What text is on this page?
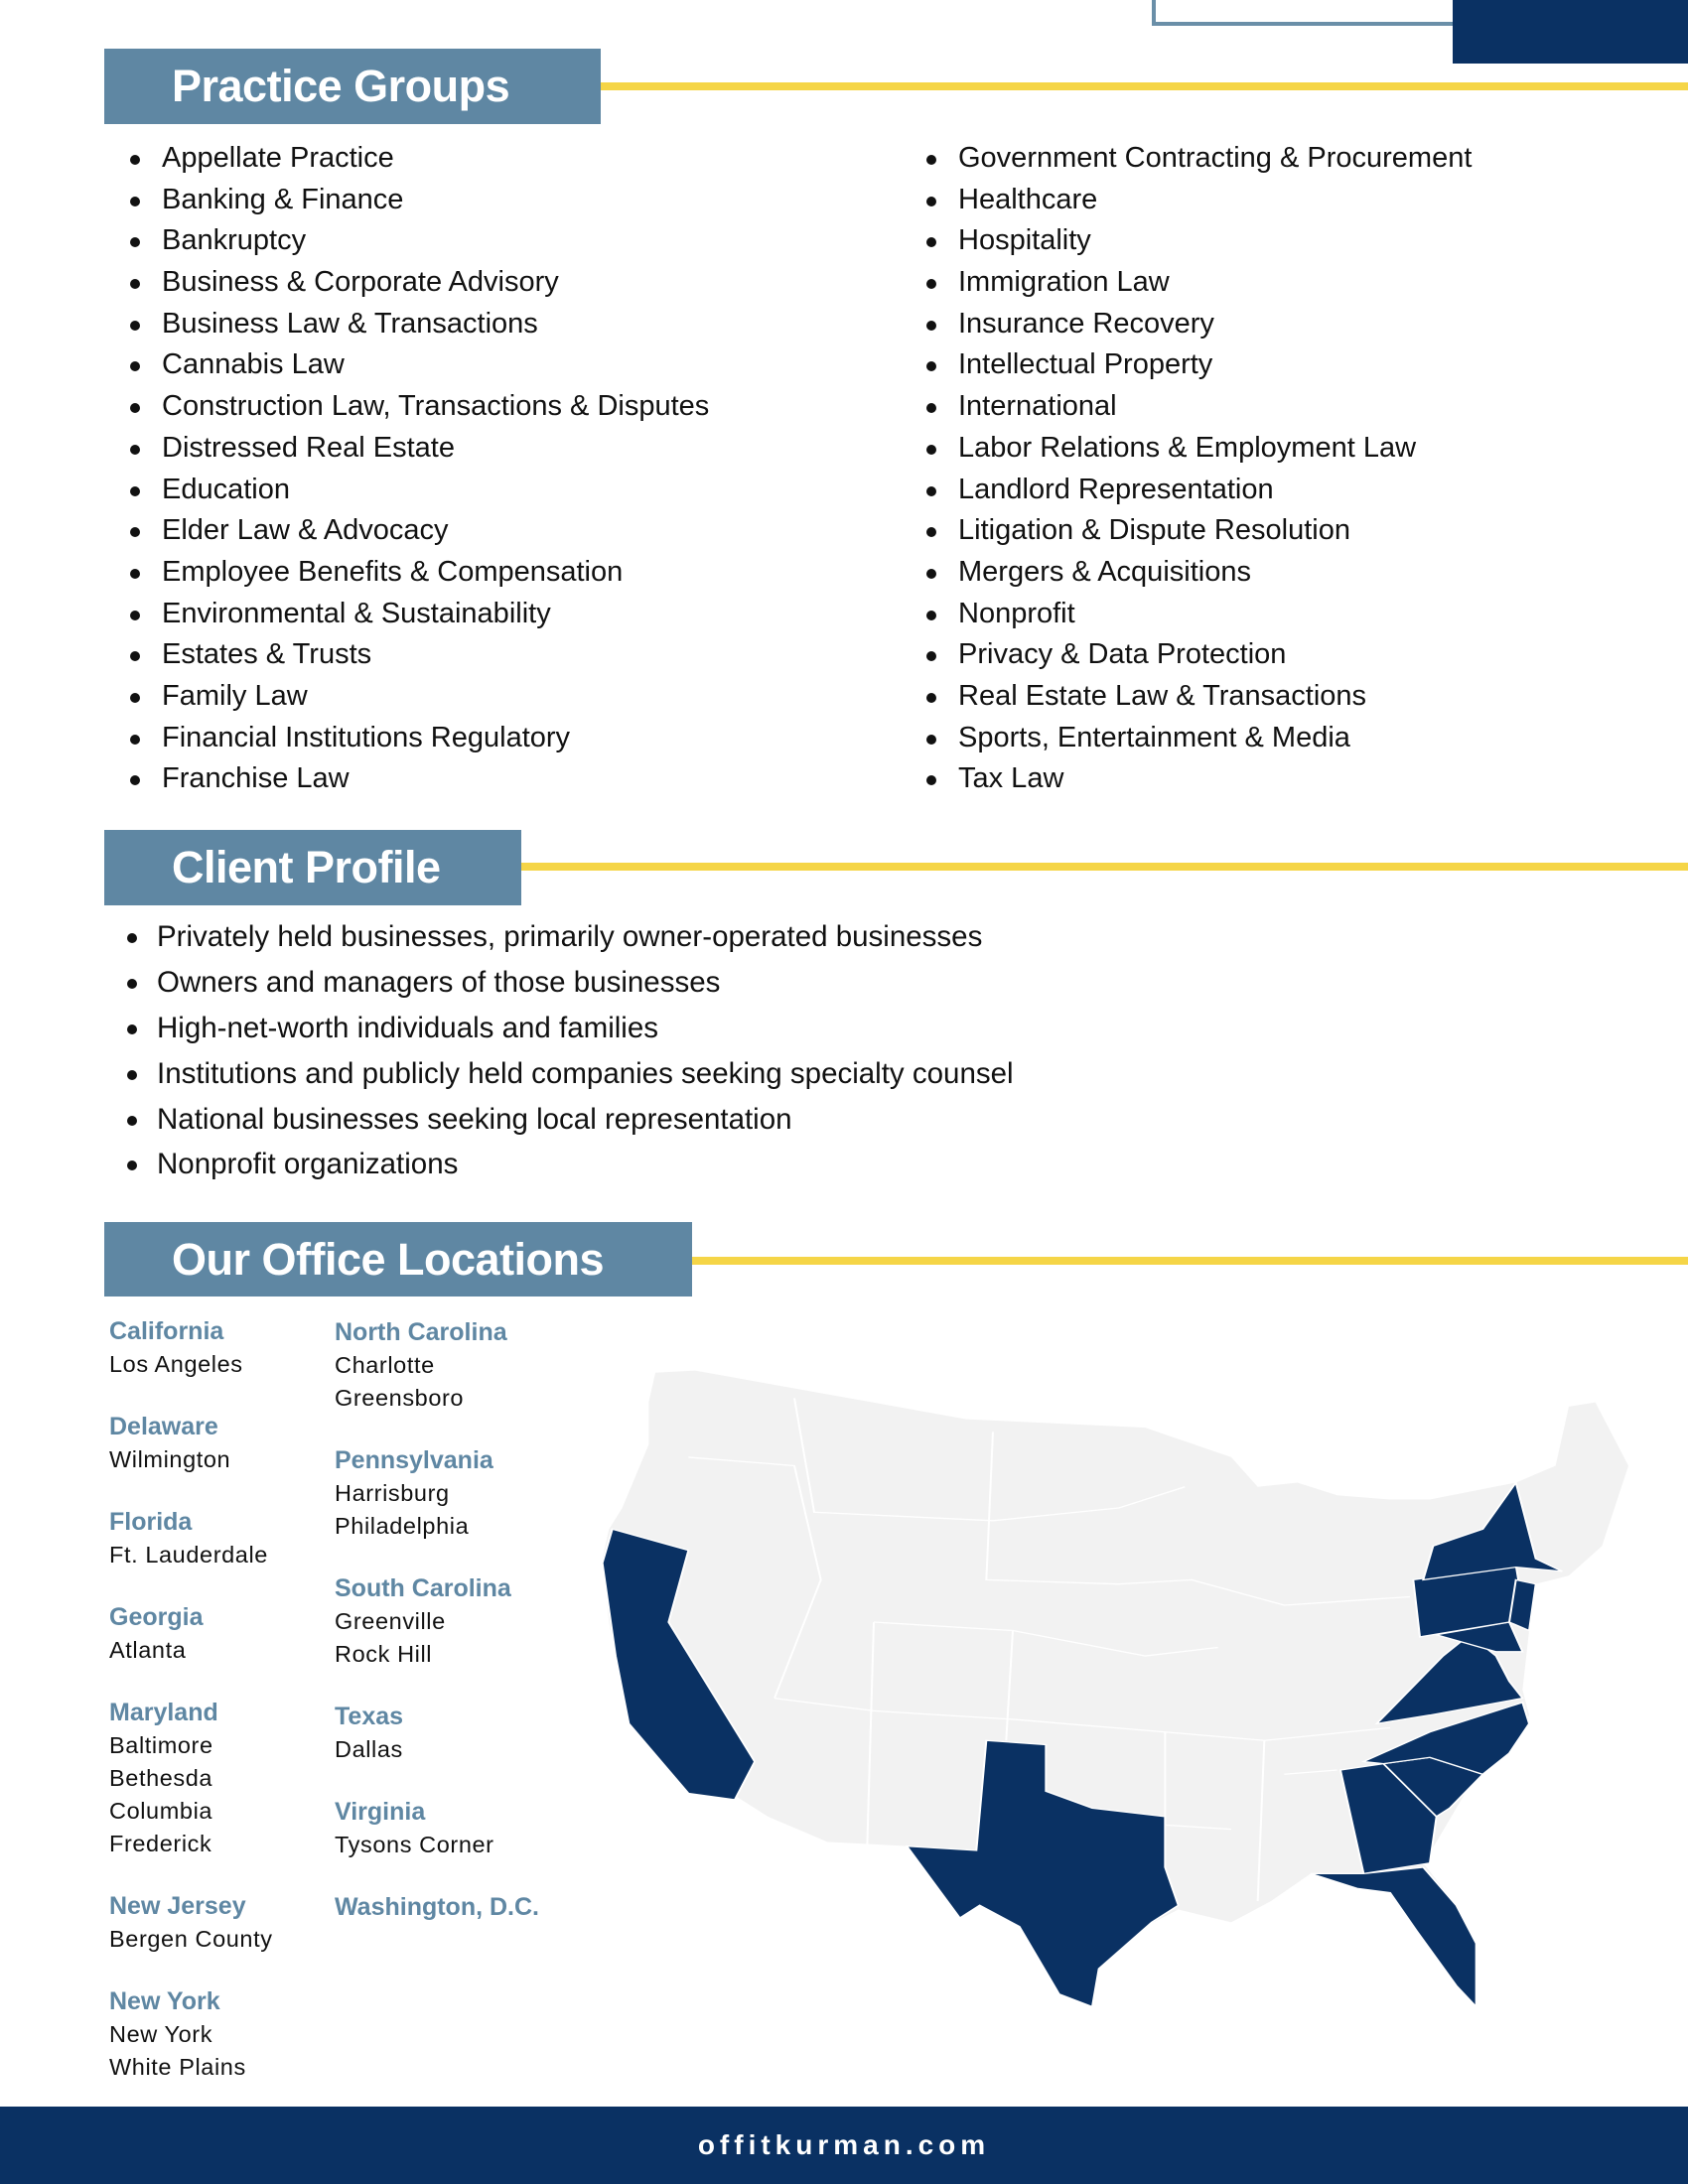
Practice Groups
Appellate Practice
Banking & Finance
Bankruptcy
Business & Corporate Advisory
Business Law & Transactions
Cannabis Law
Construction Law, Transactions & Disputes
Distressed Real Estate
Education
Elder Law & Advocacy
Employee Benefits & Compensation
Environmental & Sustainability
Estates & Trusts
Family Law
Financial Institutions Regulatory
Franchise Law
Government Contracting & Procurement
Healthcare
Hospitality
Immigration Law
Insurance Recovery
Intellectual Property
International
Labor Relations & Employment Law
Landlord Representation
Litigation & Dispute Resolution
Mergers & Acquisitions
Nonprofit
Privacy & Data Protection
Real Estate Law & Transactions
Sports, Entertainment & Media
Tax Law
Client Profile
Privately held businesses, primarily owner-operated businesses
Owners and managers of those businesses
High-net-worth individuals and families
Institutions and publicly held companies seeking specialty counsel
National businesses seeking local representation
Nonprofit organizations
Our Office Locations
California
Los Angeles
Delaware
Wilmington
Florida
Ft. Lauderdale
Georgia
Atlanta
Maryland
Baltimore
Bethesda
Columbia
Frederick
New Jersey
Bergen County
New York
New York
White Plains
North Carolina
Charlotte
Greensboro
Pennsylvania
Harrisburg
Philadelphia
South Carolina
Greenville
Rock Hill
Texas
Dallas
Virginia
Tysons Corner
Washington, D.C.
offitkurman.com
